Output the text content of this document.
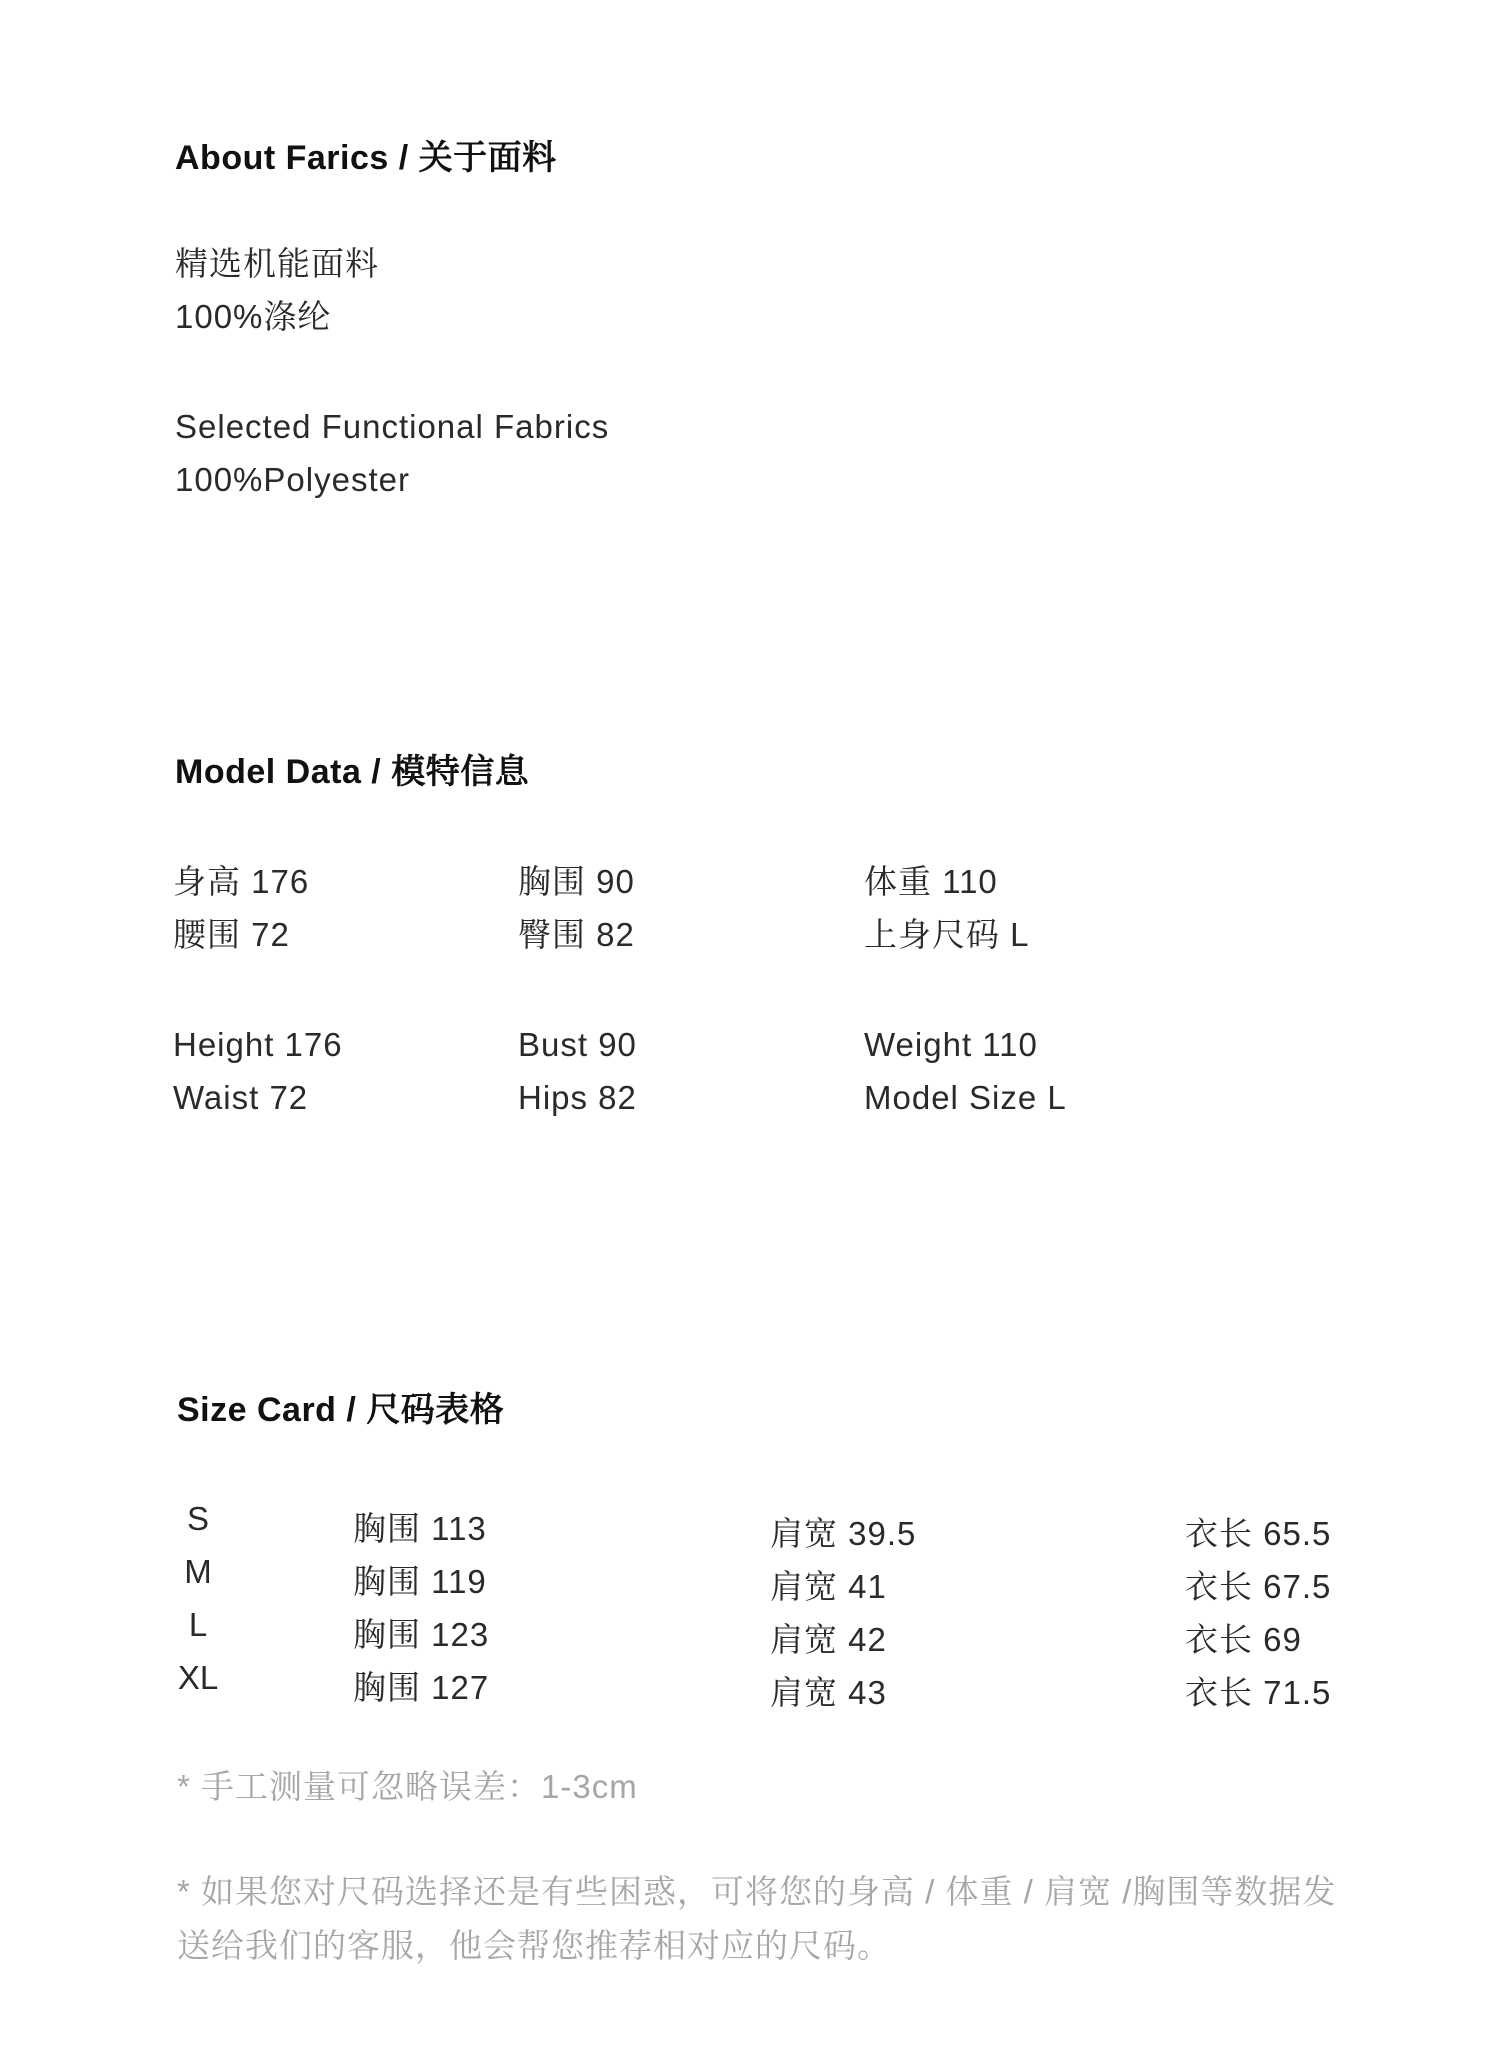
About Farics / 关于面料
精选机能面料
100%涤纶
Selected Functional Fabrics
100%Polyester
Model Data / 模特信息
身高 176	胸围 90	体重 110
腰围 72	臀围 82	上身尺码 L
Height 176	Bust 90	Weight 110
Waist 72	Hips 82	Model Size L
Size Card / 尺码表格
S	胸围 113	肩宽 39.5	衣长 65.5
M	胸围 119	肩宽 41	衣长 67.5
L	胸围 123	肩宽 42	衣长 69
XL	胸围 127	肩宽 43	衣长 71.5
* 手工测量可忽略误差：1-3cm
* 如果您对尺码选择还是有些困惑，可将您的身高 / 体重 / 肩宽 /胸围等数据发送给我们的客服，他会帮您推荐相对应的尺码。
